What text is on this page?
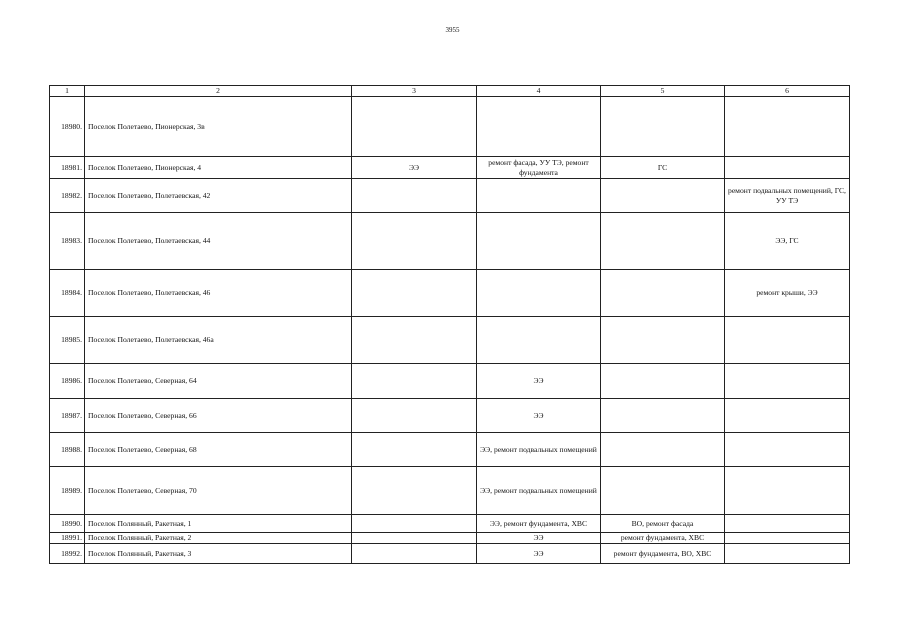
3955
1	2	3	4	5	6
18980.	Поселок Полетаево, Пионерская, 3в				
18981.	Поселок Полетаево, Пионерская, 4	ЭЭ	ремонт фасада, УУ ТЭ, ремонт фундамента	ГС	
18982.	Поселок Полетаево, Полетаевская, 42				ремонт подвальных помещений, ГС, УУ ТЭ
18983.	Поселок Полетаево, Полетаевская, 44				ЭЭ, ГС
18984.	Поселок Полетаево, Полетаевская, 46				ремонт крыши, ЭЭ
18985.	Поселок Полетаево, Полетаевская, 46а				
18986.	Поселок Полетаево, Северная, 64		ЭЭ		
18987.	Поселок Полетаево, Северная, 66		ЭЭ		
18988.	Поселок Полетаево, Северная, 68		ЭЭ, ремонт подвальных помещений		
18989.	Поселок Полетаево, Северная, 70		ЭЭ, ремонт подвальных помещений		
18990.	Поселок Полянный, Ракетная, 1		ЭЭ, ремонт фундамента, ХВС	ВО, ремонт фасада	
18991.	Поселок Полянный, Ракетная, 2		ЭЭ	ремонт фундамента, ХВС	
18992.	Поселок Полянный, Ракетная, 3		ЭЭ	ремонт фундамента, ВО, ХВС	
